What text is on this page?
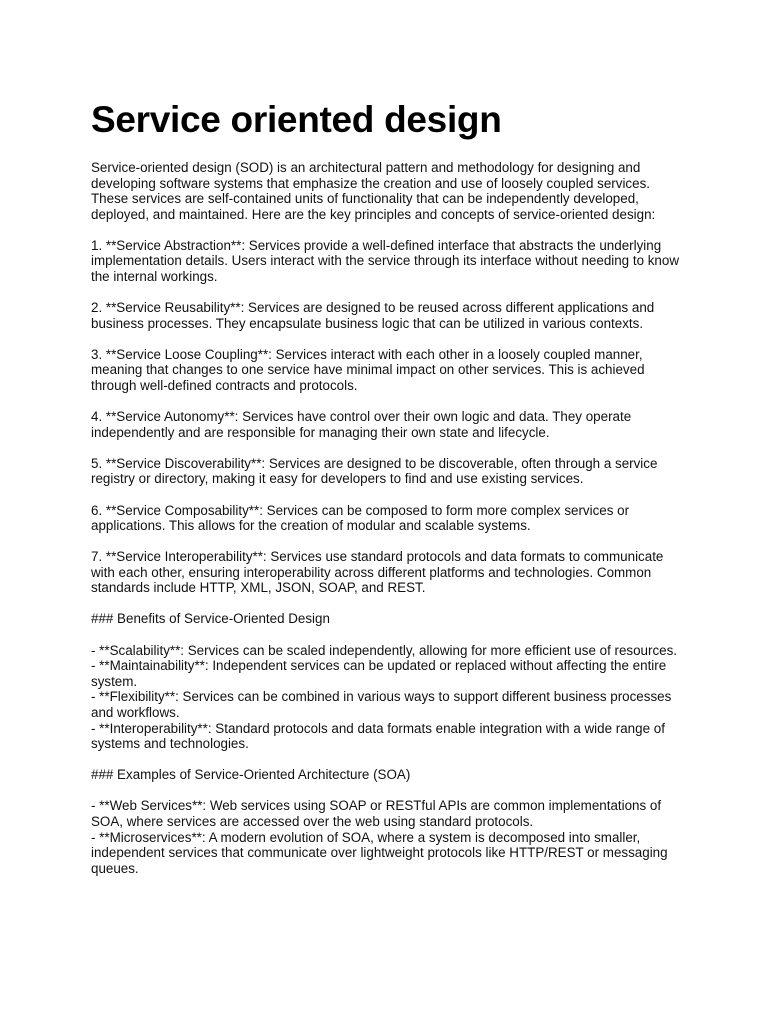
Service oriented design

Service-oriented design (SOD) is an architectural pattern and methodology for designing and developing software systems that emphasize the creation and use of loosely coupled services. These services are self-contained units of functionality that can be independently developed, deployed, and maintained. Here are the key principles and concepts of service-oriented design:

1. **Service Abstraction**: Services provide a well-defined interface that abstracts the underlying implementation details. Users interact with the service through its interface without needing to know the internal workings.

2. **Service Reusability**: Services are designed to be reused across different applications and business processes. They encapsulate business logic that can be utilized in various contexts.

3. **Service Loose Coupling**: Services interact with each other in a loosely coupled manner, meaning that changes to one service have minimal impact on other services. This is achieved through well-defined contracts and protocols.

4. **Service Autonomy**: Services have control over their own logic and data. They operate independently and are responsible for managing their own state and lifecycle.

5. **Service Discoverability**: Services are designed to be discoverable, often through a service registry or directory, making it easy for developers to find and use existing services.

6. **Service Composability**: Services can be composed to form more complex services or applications. This allows for the creation of modular and scalable systems.

7. **Service Interoperability**: Services use standard protocols and data formats to communicate with each other, ensuring interoperability across different platforms and technologies. Common standards include HTTP, XML, JSON, SOAP, and REST.

### Benefits of Service-Oriented Design

- **Scalability**: Services can be scaled independently, allowing for more efficient use of resources.
- **Maintainability**: Independent services can be updated or replaced without affecting the entire system.
- **Flexibility**: Services can be combined in various ways to support different business processes and workflows.
- **Interoperability**: Standard protocols and data formats enable integration with a wide range of systems and technologies.

### Examples of Service-Oriented Architecture (SOA)

- **Web Services**: Web services using SOAP or RESTful APIs are common implementations of SOA, where services are accessed over the web using standard protocols.
- **Microservices**: A modern evolution of SOA, where a system is decomposed into smaller, independent services that communicate over lightweight protocols like HTTP/REST or messaging queues.
